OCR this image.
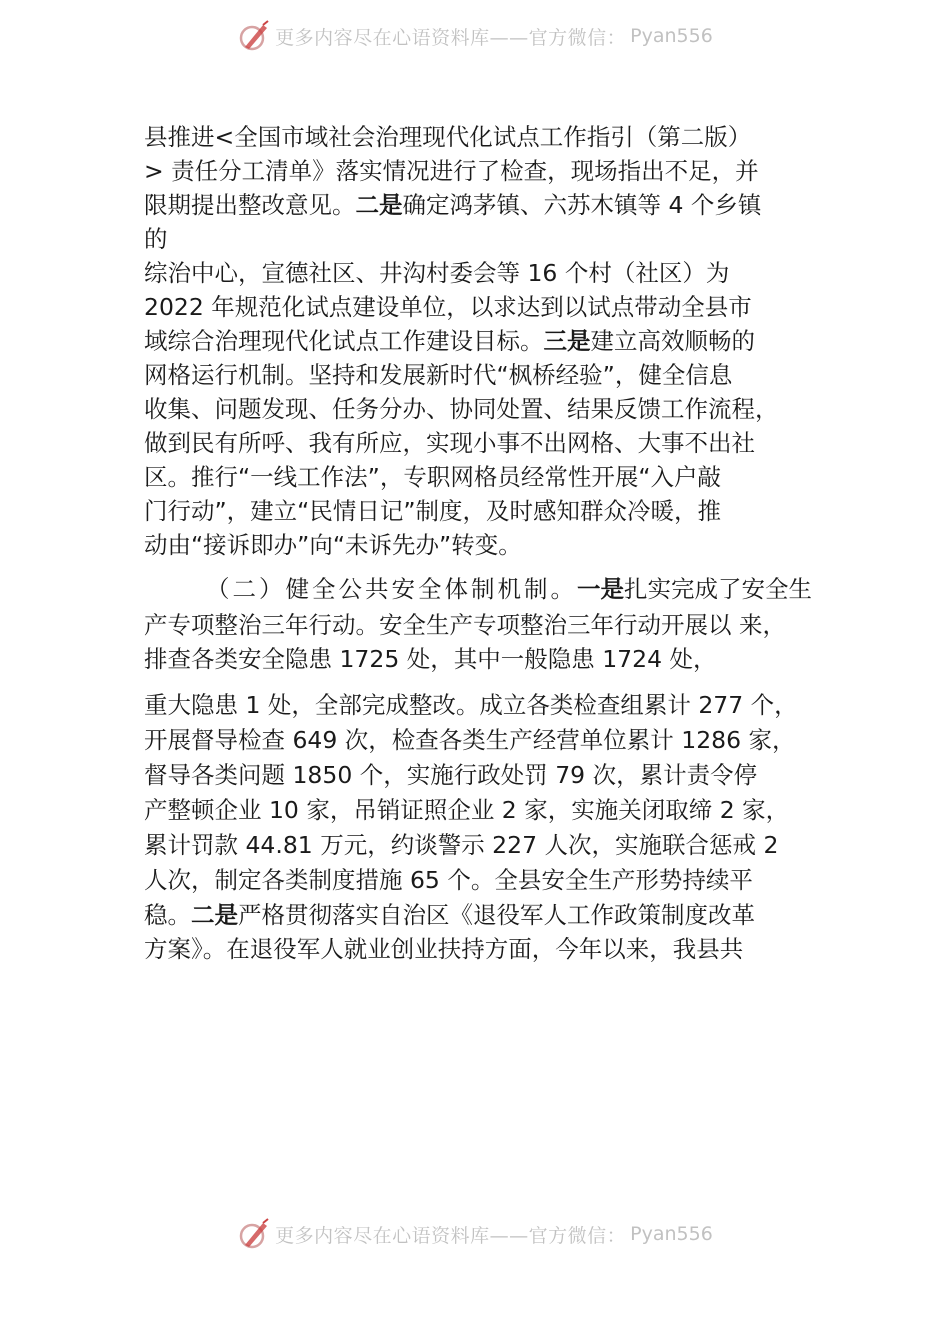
更多内容尽在心语资料库——官方微信： Pyan556
县推进<全国市域社会治理现代化试点工作指引（第二版）
> 责任分工清单》落实情况进行了检查，现场指出不足，并
限期提出整改意见。二是确定鸿茅镇、六苏木镇等 4 个乡镇
的
综治中心，宣德社区、井沟村委会等 16 个村（社区）为
2022 年规范化试点建设单位，以求达到以试点带动全县市
域综合治理现代化试点工作建设目标。三是建立高效顺畅的
网格运行机制。坚持和发展新时代“枫桥经验”，健全信息
收集、问题发现、任务分办、协同处置、结果反馈工作流程，
做到民有所呼、我有所应，实现小事不出网格、大事不出社
区。推行“一线工作法”，专职网格员经常性开展“入户敲
门行动”，建立“民情日记”制度，及时感知群众冷暖，推
动由“接诉即办”向“未诉先办”转变。
（二）健全公共安全体制机制。一是扎实完成了安全生
产专项整治三年行动。安全生产专项整治三年行动开展以 来，
排查各类安全隐患 1725 处，其中一般隐患 1724 处，
重大隐患 1 处，全部完成整改。成立各类检查组累计 277 个，
开展督导检查 649 次，检查各类生产经营单位累计 1286 家，
督导各类问题 1850 个，实施行政处罚 79 次，累计责令停
产整顿企业 10 家，吊销证照企业 2 家，实施关闭取缔 2 家，
累计罚款 44.81 万元，约谈警示 227 人次，实施联合惩戒 2
人次，制定各类制度措施 65 个。全县安全生产形势持续平
稳。二是严格贯彻落实自治区《退役军人工作政策制度改革
方案》。在退役军人就业创业扶持方面，今年以来，我县共
更多内容尽在心语资料库——官方微信： Pyan556
